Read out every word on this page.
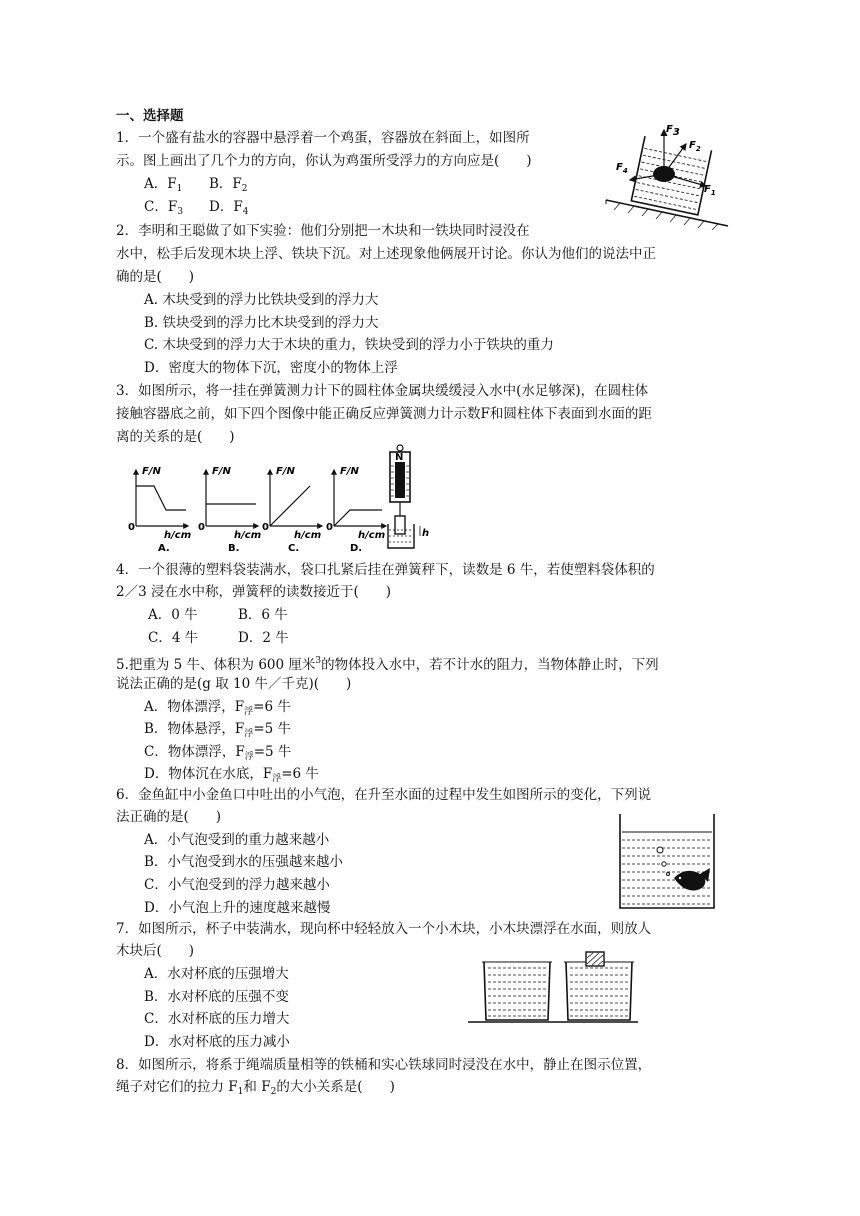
一、选择题
1．一个盛有盐水的容器中悬浮着一个鸡蛋，容器放在斜面上，如图所
示。图上画出了几个力的方向，你认为鸡蛋所受浮力的方向应是(　　)
A．$F_1$ B．$F_2$
C．$F_3$ D．$F_4$
F3
$F_2$
$F_1$
$F_4$
2．李明和王聪做了如下实验：他们分别把一木块和一铁块同时浸没在
水中，松手后发现木块上浮、铁块下沉。对上述现象他俩展开讨论。你认为他们的说法中正
确的是(　　)
A. 木块受到的浮力比铁块受到的浮力大
B. 铁块受到的浮力比木块受到的浮力大
C. 木块受到的浮力大于木块的重力，铁块受到的浮力小于铁块的重力
D．密度大的物体下沉，密度小的物体上浮
3．如图所示，将一挂在弹簧测力计下的圆柱体金属块缓缓浸入水中(水足够深)，在圆柱体
接触容器底之前，如下四个图像中能正确反应弹簧测力计示数F和圆柱体下表面到水面的距
离的关系的是(　　)
F/N
0
h/cm
A.
F/N
0
h/cm
B.
F/N
0
h/cm
C.
F/N
0
h/cm
D.
N
h
4．一个很薄的塑料袋装满水，袋口扎紧后挂在弹簧秤下，读数是 6 牛，若使塑料袋体积的
2／3 浸在水中称，弹簧秤的读数接近于(　　)
A．0 牛	B．6 牛
C．4 牛	D．2 牛
5.把重为 5 牛、体积为 600 厘米$^3$的物体投入水中，若不计水的阻力，当物体静止时，下列
说法正确的是(g 取 10 牛／千克)(　　)
A．物体漂浮，$F_浮=6$ 牛
B．物体悬浮，$F_浮=5$ 牛
C．物体漂浮，$F_浮=5$ 牛
D．物体沉在水底，$F_浮=6$ 牛
6．金鱼缸中小金鱼口中吐出的小气泡，在升至水面的过程中发生如图所示的变化，下列说
法正确的是(　　)
A．小气泡受到的重力越来越小
B．小气泡受到水的压强越来越小
C．小气泡受到的浮力越来越小
D．小气泡上升的速度越来越慢
7．如图所示，杯子中装满水，现向杯中轻轻放入一个小木块，小木块漂浮在水面，则放人
木块后(　　)
A．水对杯底的压强增大
B．水对杯底的压强不变
C．水对杯底的压力增大
D．水对杯底的压力减小
8．如图所示，将系于绳端质量相等的铁桶和实心铁球同时浸没在水中，静止在图示位置，
绳子对它们的拉力 $F_1$和 $F_2$的大小关系是(　　)
